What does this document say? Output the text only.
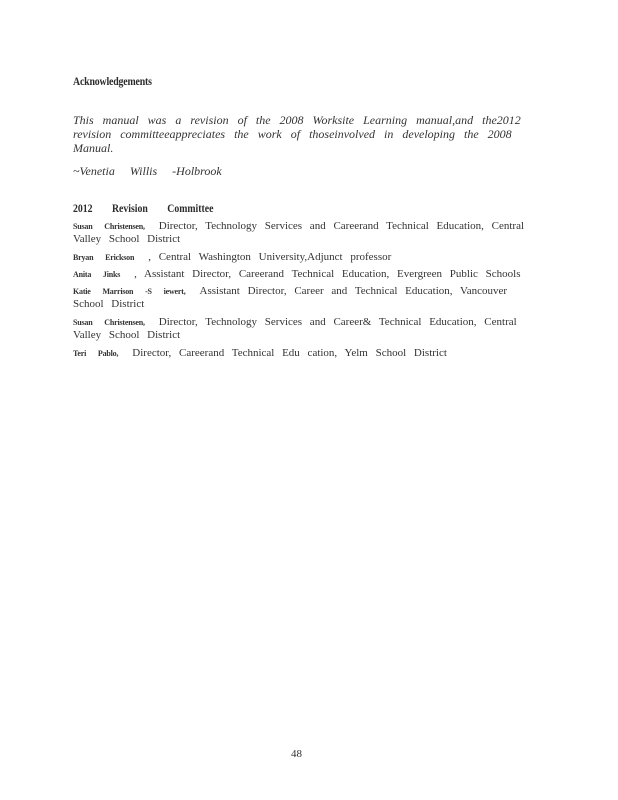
Acknowledgements
This manual was a revision of the 2008 Worksite Learning manual,and the2012 revision committeeappreciates the work of thoseinvolved in developing the 2008 Manual.
~Venetia Willis -Holbrook
2012 Revision Committee
Susan Christensen, Director, Technology Services and Careerand Technical Education, Central Valley School District
Bryan Erickson , Central Washington University,Adjunct professor
Anita Jinks , Assistant Director, Careerand Technical Education, Evergreen Public Schools
Katie Marrison -S iewert, Assistant Director, Career and Technical Education, Vancouver School District
Susan Christensen, Director, Technology Services and Career& Technical Education, Central Valley School District
Teri Pablo, Director, Careerand Technical Edu cation, Yelm School District
48
